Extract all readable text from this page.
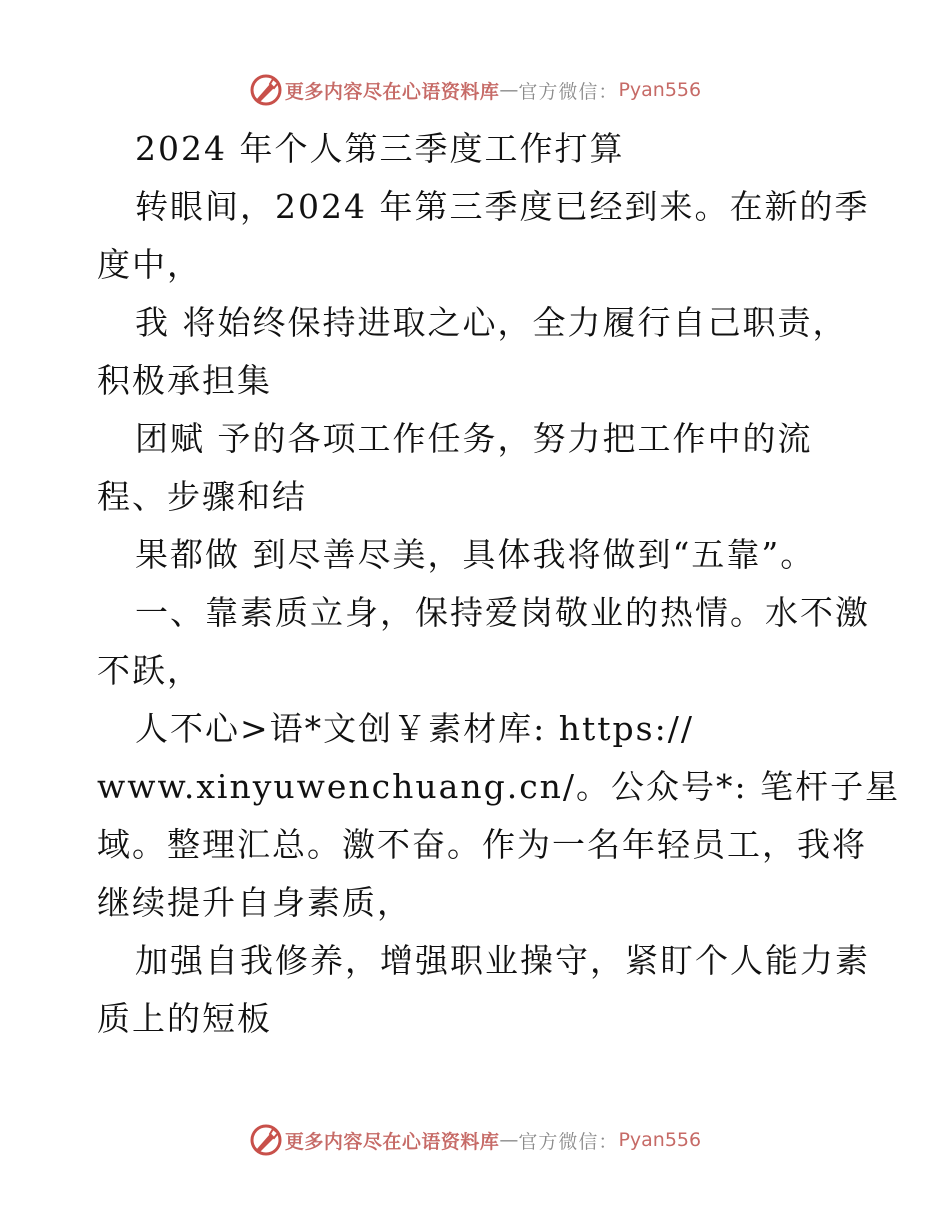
更多内容尽在心语资料库 — 官方微信： Pyan556
2024 年个人第三季度工作打算
转眼间，2024 年第三季度已经到来。在新的季
度中，
我 将始终保持进取之心，全力履行自己职责，
积极承担集
团赋 予的各项工作任务，努力把工作中的流
程、步骤和结
果都做 到尽善尽美，具体我将做到“五靠”。
一、靠素质立身，保持爱岗敬业的热情。水不激
不跃，
人不心>语*文创￥素材库: https://
www.xinyuwenchuang.cn/。公众号*: 笔杆子星
域。整理汇总。激不奋。作为一名年轻员工，我将
继续提升自身素质，
加强自我修养，增强职业操守，紧盯个人能力素
质上的短板
更多内容尽在心语资料库 — 官方微信： Pyan556
